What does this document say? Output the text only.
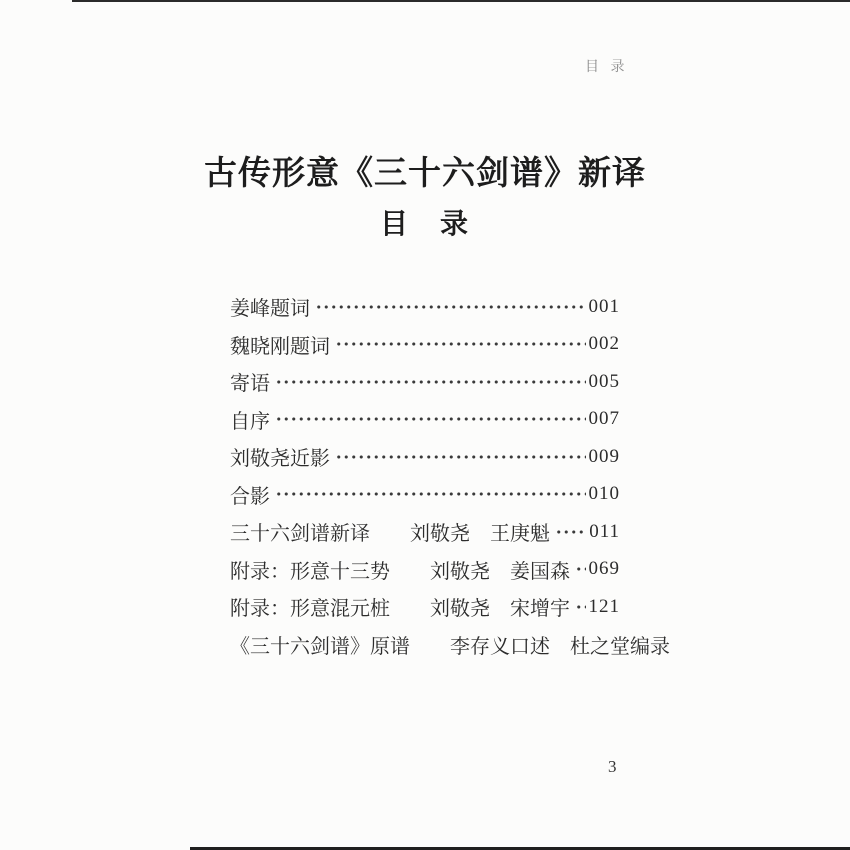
目 录
古传形意《三十六剑谱》新译
目　录
姜峰题词	001
魏晓刚题词	002
寄语	005
自序	007
刘敬尧近影	009
合影	010
三十六剑谱新译　　刘敬尧　王庚魁 011
附录：形意十三势　　刘敬尧　姜国森 069
附录：形意混元桩　　刘敬尧　宋增宇 121
《三十六剑谱》原谱　　李存义口述　杜之堂编录
3
